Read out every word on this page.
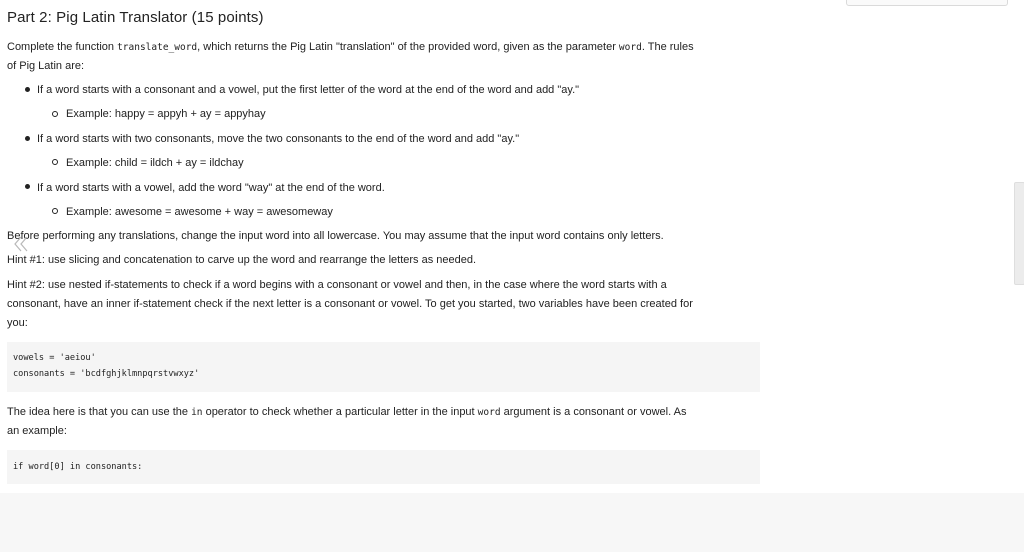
Part 2: Pig Latin Translator (15 points)
Complete the function translate_word, which returns the Pig Latin "translation" of the provided word, given as the parameter word. The rules
of Pig Latin are:
If a word starts with a consonant and a vowel, put the first letter of the word at the end of the word and add "ay."
Example: happy = appyh + ay = appyhay
If a word starts with two consonants, move the two consonants to the end of the word and add "ay."
Example: child = ildch + ay = ildchay
If a word starts with a vowel, add the word "way" at the end of the word.
Example: awesome = awesome + way = awesomeway
Before performing any translations, change the input word into all lowercase. You may assume that the input word contains only letters.
Hint #1: use slicing and concatenation to carve up the word and rearrange the letters as needed.
Hint #2: use nested if-statements to check if a word begins with a consonant or vowel and then, in the case where the word starts with a
consonant, have an inner if-statement check if the next letter is a consonant or vowel. To get you started, two variables have been created for
you:
vowels = 'aeiou'
consonants = 'bcdfghjklmnpqrstvwxyz'
The idea here is that you can use the in operator to check whether a particular letter in the input word argument is a consonant or vowel. As
an example:
if word[0] in consonants:
